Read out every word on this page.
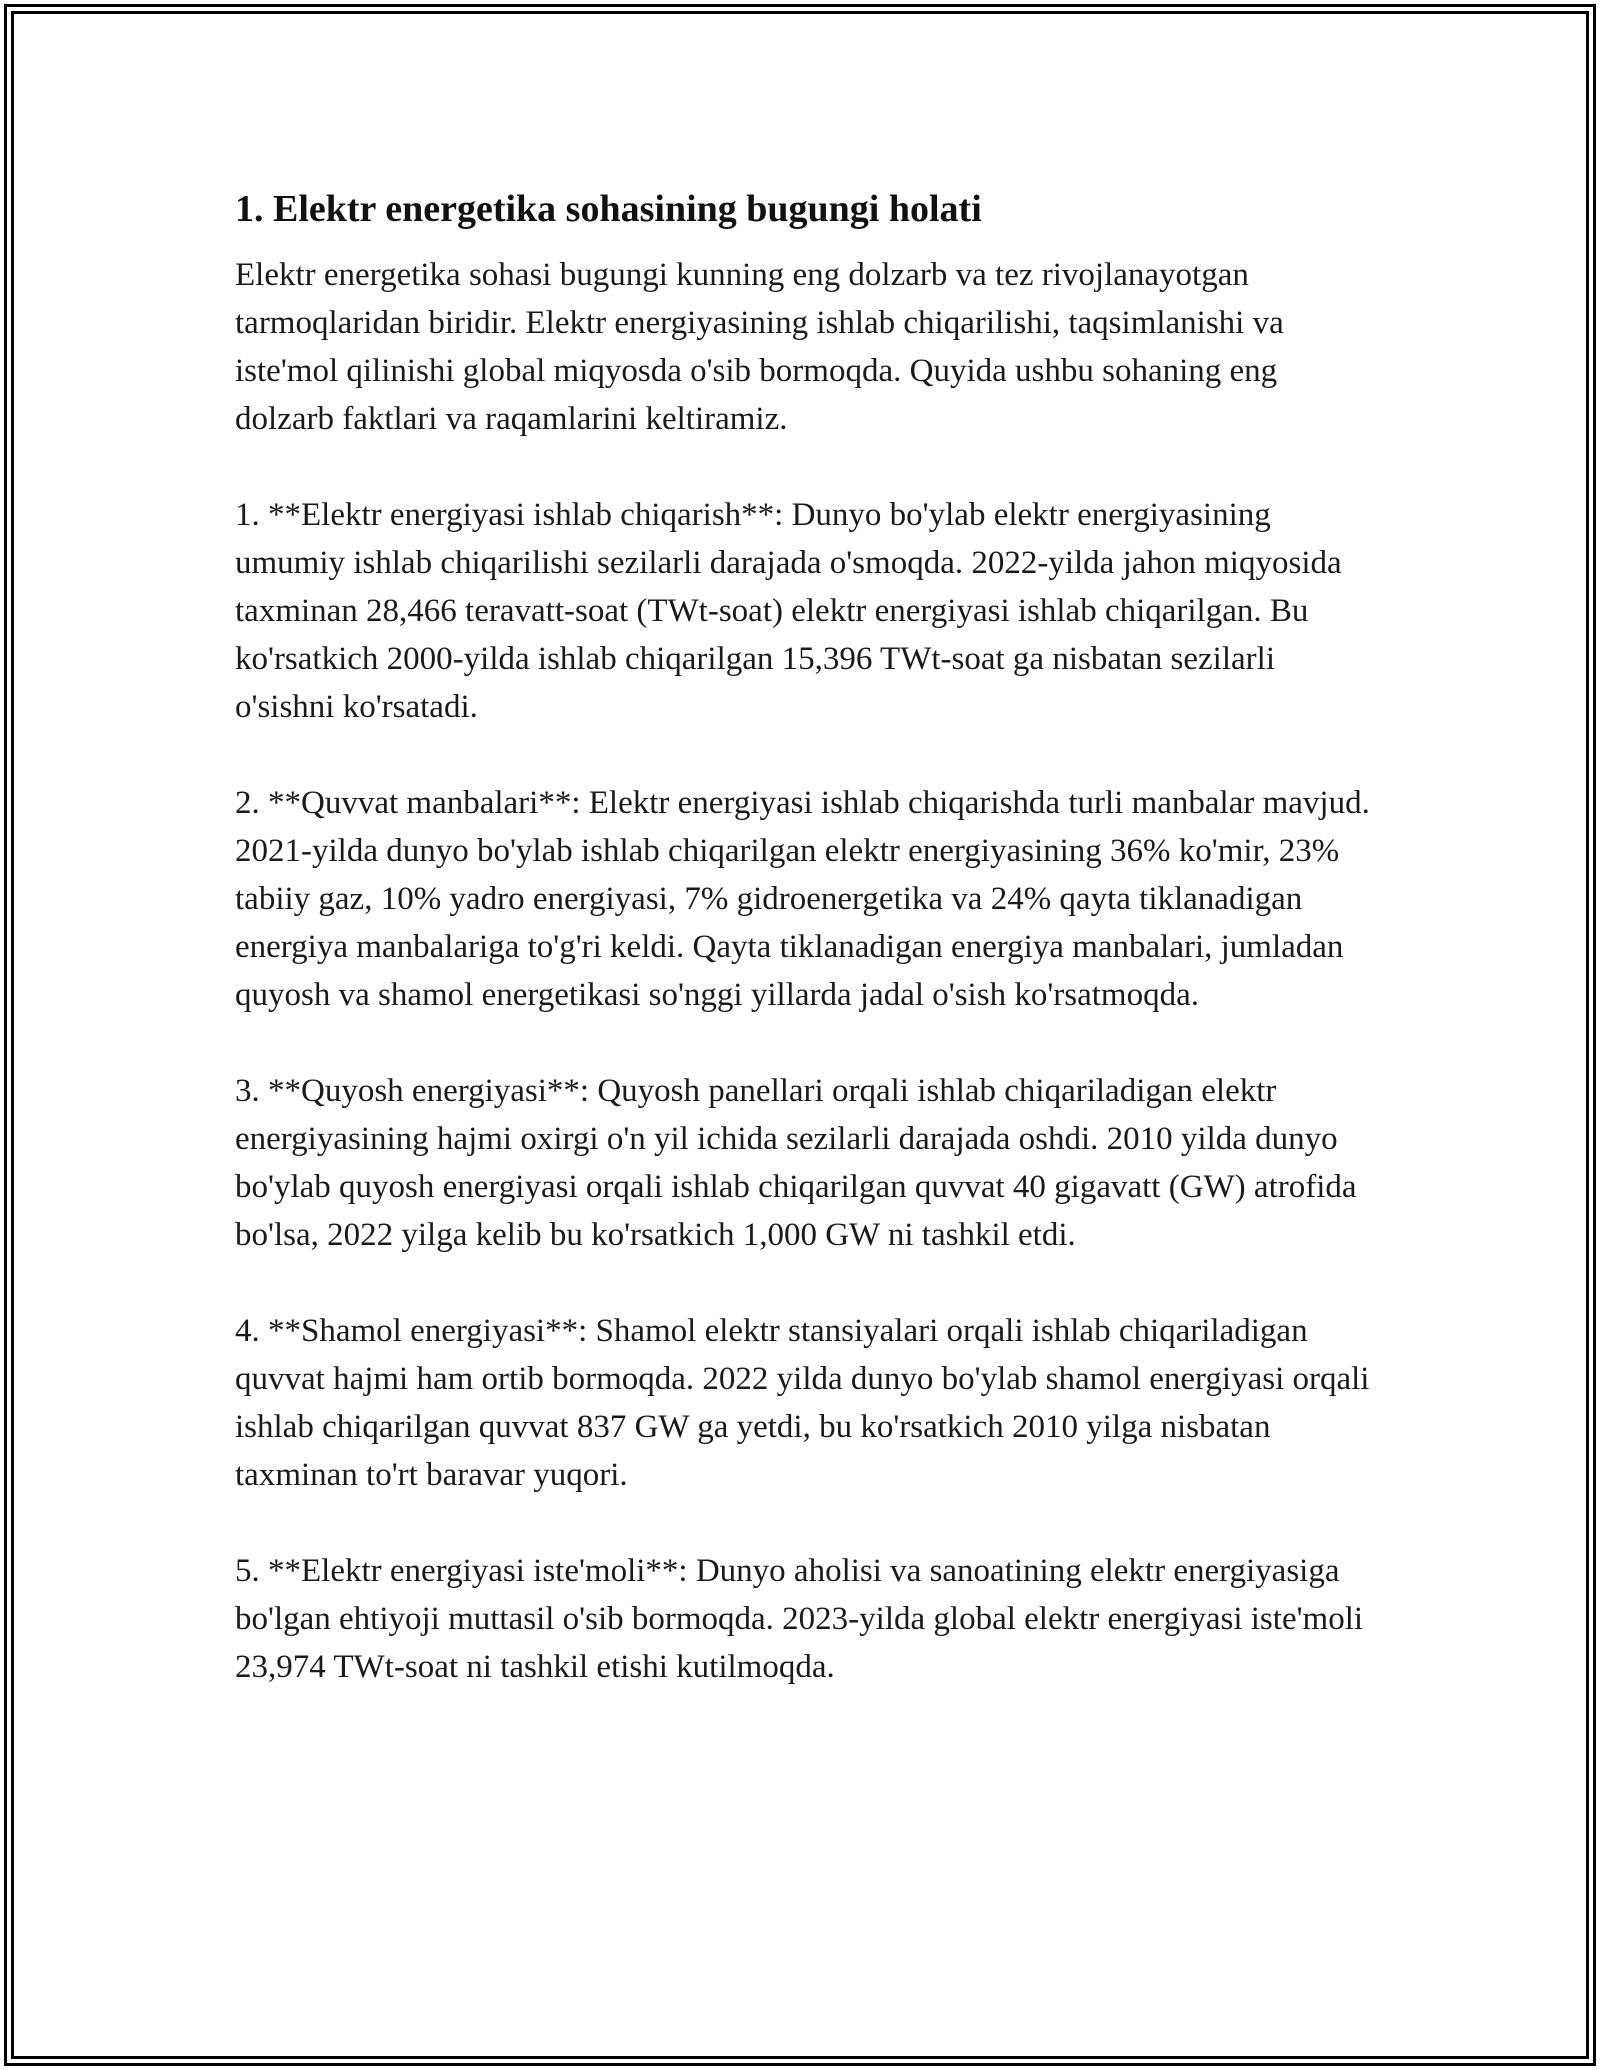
1. Elektr energetika sohasining bugungi holati

Elektr energetika sohasi bugungi kunning eng dolzarb va tez rivojlanayotgan tarmoqlaridan biridir. Elektr energiyasining ishlab chiqarilishi, taqsimlanishi va iste'mol qilinishi global miqyosda o'sib bormoqda. Quyida ushbu sohaning eng dolzarb faktlari va raqamlarini keltiramiz.

1. **Elektr energiyasi ishlab chiqarish**: Dunyo bo'ylab elektr energiyasining umumiy ishlab chiqarilishi sezilarli darajada o'smoqda. 2022-yilda jahon miqyosida taxminan 28,466 teravatt-soat (TWt-soat) elektr energiyasi ishlab chiqarilgan. Bu ko'rsatkich 2000-yilda ishlab chiqarilgan 15,396 TWt-soat ga nisbatan sezilarli o'sishni ko'rsatadi.

2. **Quvvat manbalari**: Elektr energiyasi ishlab chiqarishda turli manbalar mavjud. 2021-yilda dunyo bo'ylab ishlab chiqarilgan elektr energiyasining 36% ko'mir, 23% tabiiy gaz, 10% yadro energiyasi, 7% gidroenergetika va 24% qayta tiklanadigan energiya manbalariga to'g'ri keldi. Qayta tiklanadigan energiya manbalari, jumladan quyosh va shamol energetikasi so'nggi yillarda jadal o'sish ko'rsatmoqda.

3. **Quyosh energiyasi**: Quyosh panellari orqali ishlab chiqariladigan elektr energiyasining hajmi oxirgi o'n yil ichida sezilarli darajada oshdi. 2010 yilda dunyo bo'ylab quyosh energiyasi orqali ishlab chiqarilgan quvvat 40 gigavatt (GW) atrofida bo'lsa, 2022 yilga kelib bu ko'rsatkich 1,000 GW ni tashkil etdi.

4. **Shamol energiyasi**: Shamol elektr stansiyalari orqali ishlab chiqariladigan quvvat hajmi ham ortib bormoqda. 2022 yilda dunyo bo'ylab shamol energiyasi orqali ishlab chiqarilgan quvvat 837 GW ga yetdi, bu ko'rsatkich 2010 yilga nisbatan taxminan to'rt baravar yuqori.

5. **Elektr energiyasi iste'moli**: Dunyo aholisi va sanoatining elektr energiyasiga bo'lgan ehtiyoji muttasil o'sib bormoqda. 2023-yilda global elektr energiyasi iste'moli 23,974 TWt-soat ni tashkil etishi kutilmoqda.
